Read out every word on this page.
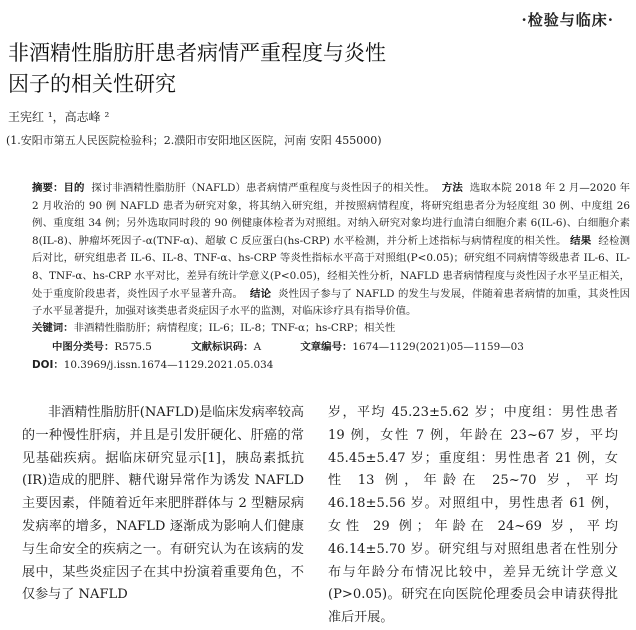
·检验与临床·
非酒精性脂肪肝患者病情严重程度与炎性
因子的相关性研究
王宪红 ¹，高志峰 ²
(1.安阳市第五人民医院检验科；2.濮阳市安阳地区医院，河南 安阳 455000)
摘要：目的 探讨非酒精性脂肪肝（NAFLD）患者病情严重程度与炎性因子的相关性。 方法 选取本院 2018 年 2 月—2020 年 2 月收治的 90 例 NAFLD 患者为研究对象，将其纳入研究组，并按照病情程度，将研究组患者分为轻度组 30 例、中度组 26 例、重度组 34 例；另外选取同时段的 90 例健康体检者为对照组。对纳入研究对象均进行血清白细胞介素 6(IL-6)、白细胞介素 8(IL-8)、肿瘤坏死因子-α(TNF-α)、超敏 C 反应蛋白(hs-CRP) 水平检测，并分析上述指标与病情程度的相关性。 结果 经检测后对比，研究组患者 IL-6、IL-8、TNF-α、hs-CRP 等炎性指标水平高于对照组(P<0.05)；研究组不同病情等级患者 IL-6、IL-8、TNF-α、hs-CRP 水平对比，差异有统计学意义(P<0.05)，经相关性分析，NAFLD 患者病情程度与炎性因子水平呈正相关，处于重度阶段患者，炎性因子水平显著升高。 结论 炎性因子参与了 NAFLD 的发生与发展，伴随着患者病情的加重，其炎性因子水平显著提升，加强对该类患者炎症因子水平的监测，对临床诊疗具有指导价值。
关键词：非酒精性脂肪肝；病情程度；IL-6；IL-8；TNF-α；hs-CRP；相关性
中图分类号：R575.5	文献标识码：A	文章编号：1674—1129(2021)05—1159—03
DOI：10.3969/j.issn.1674—1129.2021.05.034
非酒精性脂肪肝(NAFLD)是临床发病率较高的一种慢性肝病，并且是引发肝硬化、肝癌的常见基础疾病。据临床研究显示[1]，胰岛素抵抗(IR)造成的肥胖、糖代谢异常作为诱发 NAFLD 主要因素，伴随着近年来肥胖群体与 2 型糖尿病发病率的增多，NAFLD 逐渐成为影响人们健康与生命安全的疾病之一。有研究认为在该病的发展中，某些炎症因子在其中扮演着重要角色，不仅参与了 NAFLD
岁，平均 45.23±5.62 岁；中度组：男性患者 19 例，女性 7 例，年龄在 23~67 岁，平均 45.45±5.47 岁；重度组：男性患者 21 例，女性 13 例，年龄在 25~70 岁，平均 46.18±5.56 岁。对照组中，男性患者 61 例，女性 29 例；年龄在 24~69 岁，平均 46.14±5.70 岁。研究组与对照组患者在性别分布与年龄分布情况比较中，差异无统计学意义 (P>0.05)。研究在向医院伦理委员会申请获得批准后开展。
